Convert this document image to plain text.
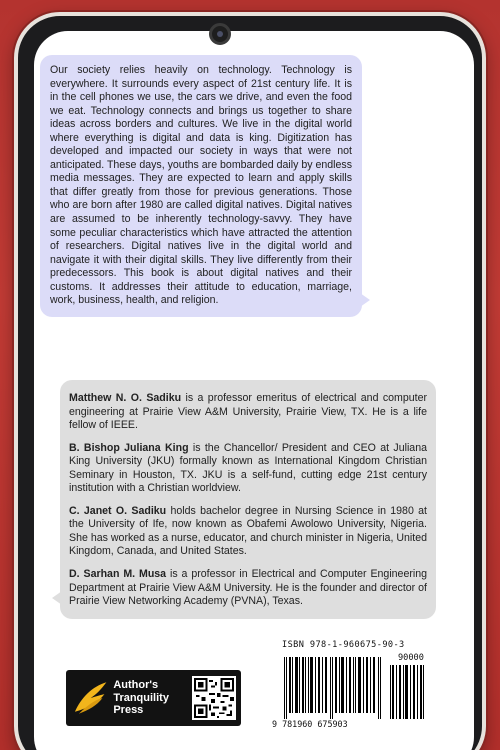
Our society relies heavily on technology. Technology is everywhere. It surrounds every aspect of 21st century life. It is in the cell phones we use, the cars we drive, and even the food we eat. Technology connects and brings us together to share ideas across borders and cultures. We live in the digital world where everything is digital and data is king. Digitization has developed and impacted our society in ways that were not anticipated. These days, youths are bombarded daily by endless media messages. They are expected to learn and apply skills that differ greatly from those for previous generations. Those who are born after 1980 are called digital natives. Digital natives are assumed to be inherently technology-savvy. They have some peculiar characteristics which have attracted the attention of researchers. Digital natives live in the digital world and navigate it with their digital skills. They live differently from their predecessors. This book is about digital natives and their customs. It addresses their attitude to education, marriage, work, business, health, and religion.

Matthew N. O. Sadiku is a professor emeritus of electrical and computer engineering at Prairie View A&M University, Prairie View, TX. He is a life fellow of IEEE.

B. Bishop Juliana King is the Chancellor/ President and CEO at Juliana King University (JKU) formally known as International Kingdom Christian Seminary in Houston, TX. JKU is a self-fund, cutting edge 21st century institution with a Christian worldview.

C. Janet O. Sadiku holds bachelor degree in Nursing Science in 1980 at the University of Ife, now known as Obafemi Awolowo University, Nigeria. She has worked as a nurse, educator, and church minister in Nigeria, United Kingdom, Canada, and United States.

D. Sarhan M. Musa is a professor in Electrical and Computer Engineering Department at Prairie View A&M University. He is the founder and director of Prairie View Networking Academy (PVNA), Texas.

Author's
Tranquility
Press
ISBN 978-1-960675-90-3
90000
9 781960 675903
